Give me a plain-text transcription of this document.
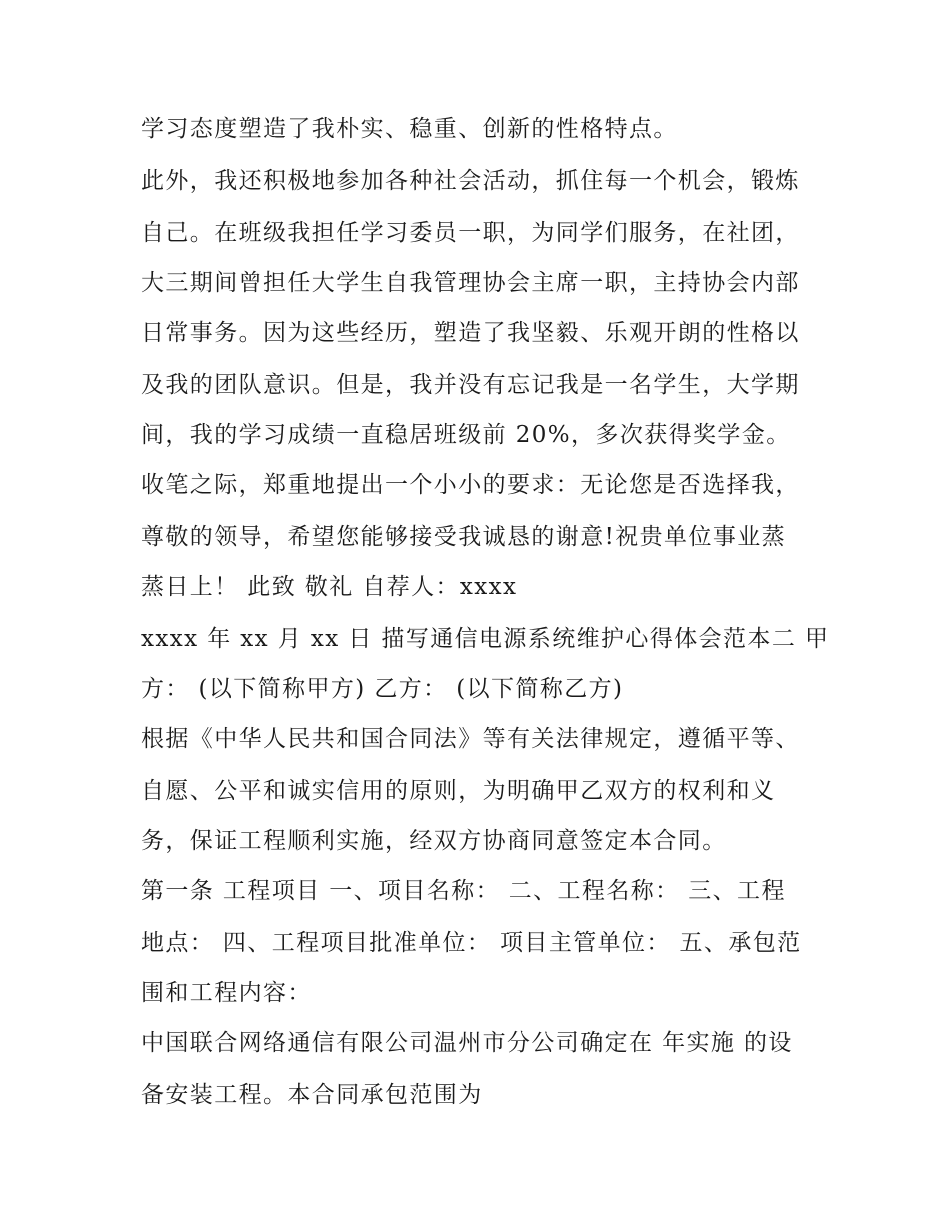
学习态度塑造了我朴实、稳重、创新的性格特点。
此外，我还积极地参加各种社会活动，抓住每一个机会，锻炼
自己。在班级我担任学习委员一职，为同学们服务，在社团，
大三期间曾担任大学生自我管理协会主席一职，主持协会内部
日常事务。因为这些经历，塑造了我坚毅、乐观开朗的性格以
及我的团队意识。但是，我并没有忘记我是一名学生，大学期
间，我的学习成绩一直稳居班级前 20%，多次获得奖学金。
收笔之际，郑重地提出一个小小的要求：无论您是否选择我，
尊敬的领导，希望您能够接受我诚恳的谢意!祝贵单位事业蒸
蒸日上！ 此致 敬礼 自荐人：xxxx
xxxx 年 xx 月 xx 日 描写通信电源系统维护心得体会范本二 甲
方： (以下简称甲方) 乙方： (以下简称乙方)
根据《中华人民共和国合同法》等有关法律规定，遵循平等、
自愿、公平和诚实信用的原则，为明确甲乙双方的权利和义
务，保证工程顺利实施，经双方协商同意签定本合同。
第一条 工程项目 一、项目名称： 二、工程名称： 三、工程
地点： 四、工程项目批准单位： 项目主管单位： 五、承包范
围和工程内容：
中国联合网络通信有限公司温州市分公司确定在 年实施 的设
备安装工程。本合同承包范围为
